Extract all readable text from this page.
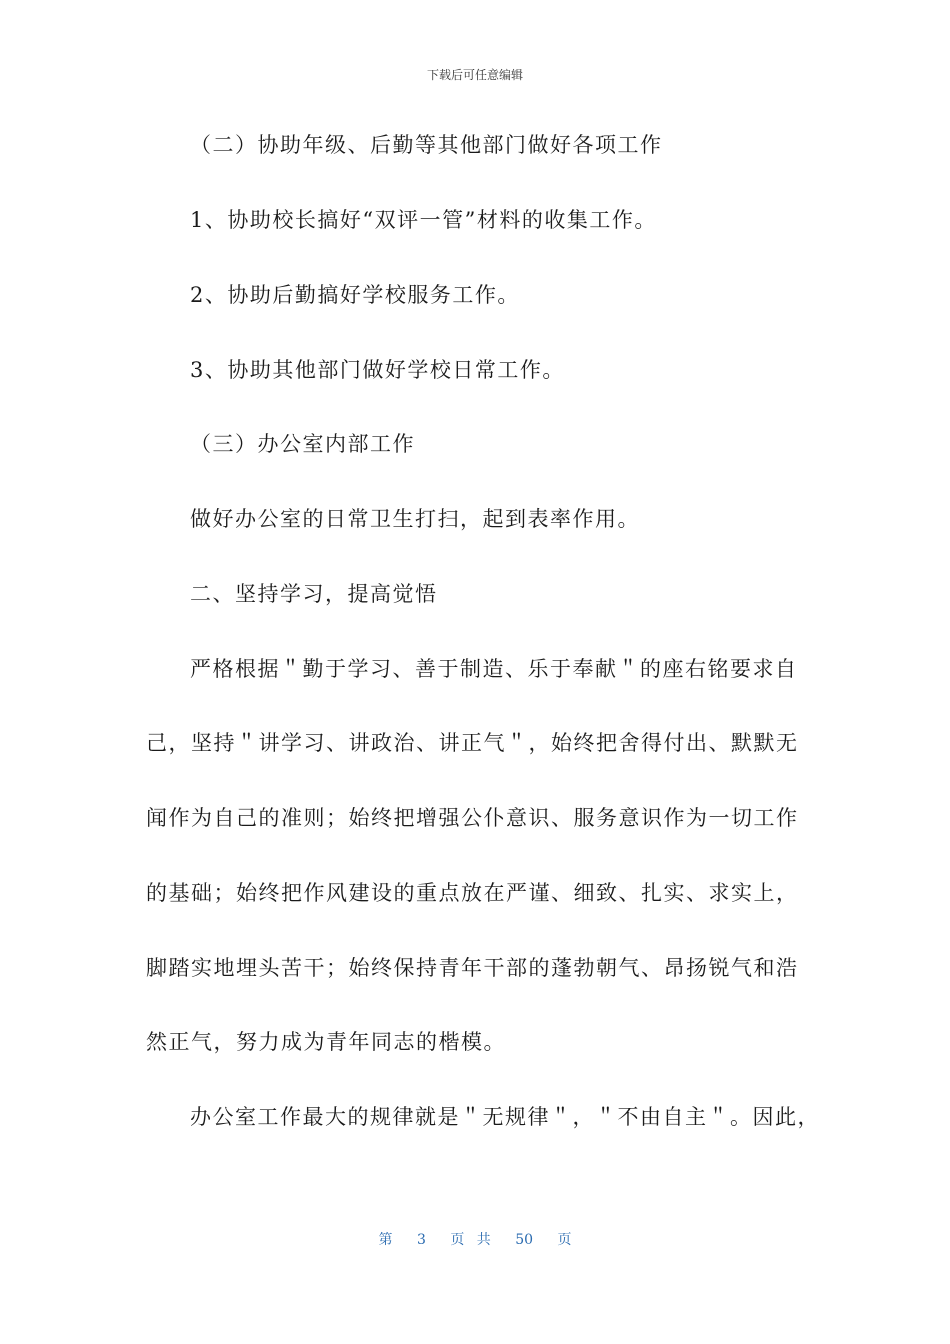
下载后可任意编辑
（二）协助年级、后勤等其他部门做好各项工作
1、协助校长搞好“双评一管”材料的收集工作。
2、协助后勤搞好学校服务工作。
3、协助其他部门做好学校日常工作。
（三）办公室内部工作
做好办公室的日常卫生打扫，起到表率作用。
二、坚持学习，提高觉悟
严格根据＂勤于学习、善于制造、乐于奉献＂的座右铭要求自
己，坚持＂讲学习、讲政治、讲正气＂，始终把舍得付出、默默无
闻作为自己的准则；始终把增强公仆意识、服务意识作为一切工作
的基础；始终把作风建设的重点放在严谨、细致、扎实、求实上，
脚踏实地埋头苦干；始终保持青年干部的蓬勃朝气、昂扬锐气和浩
然正气，努力成为青年同志的楷模。
办公室工作最大的规律就是＂无规律＂，＂不由自主＂。因此，
第 3 页 共 50 页
